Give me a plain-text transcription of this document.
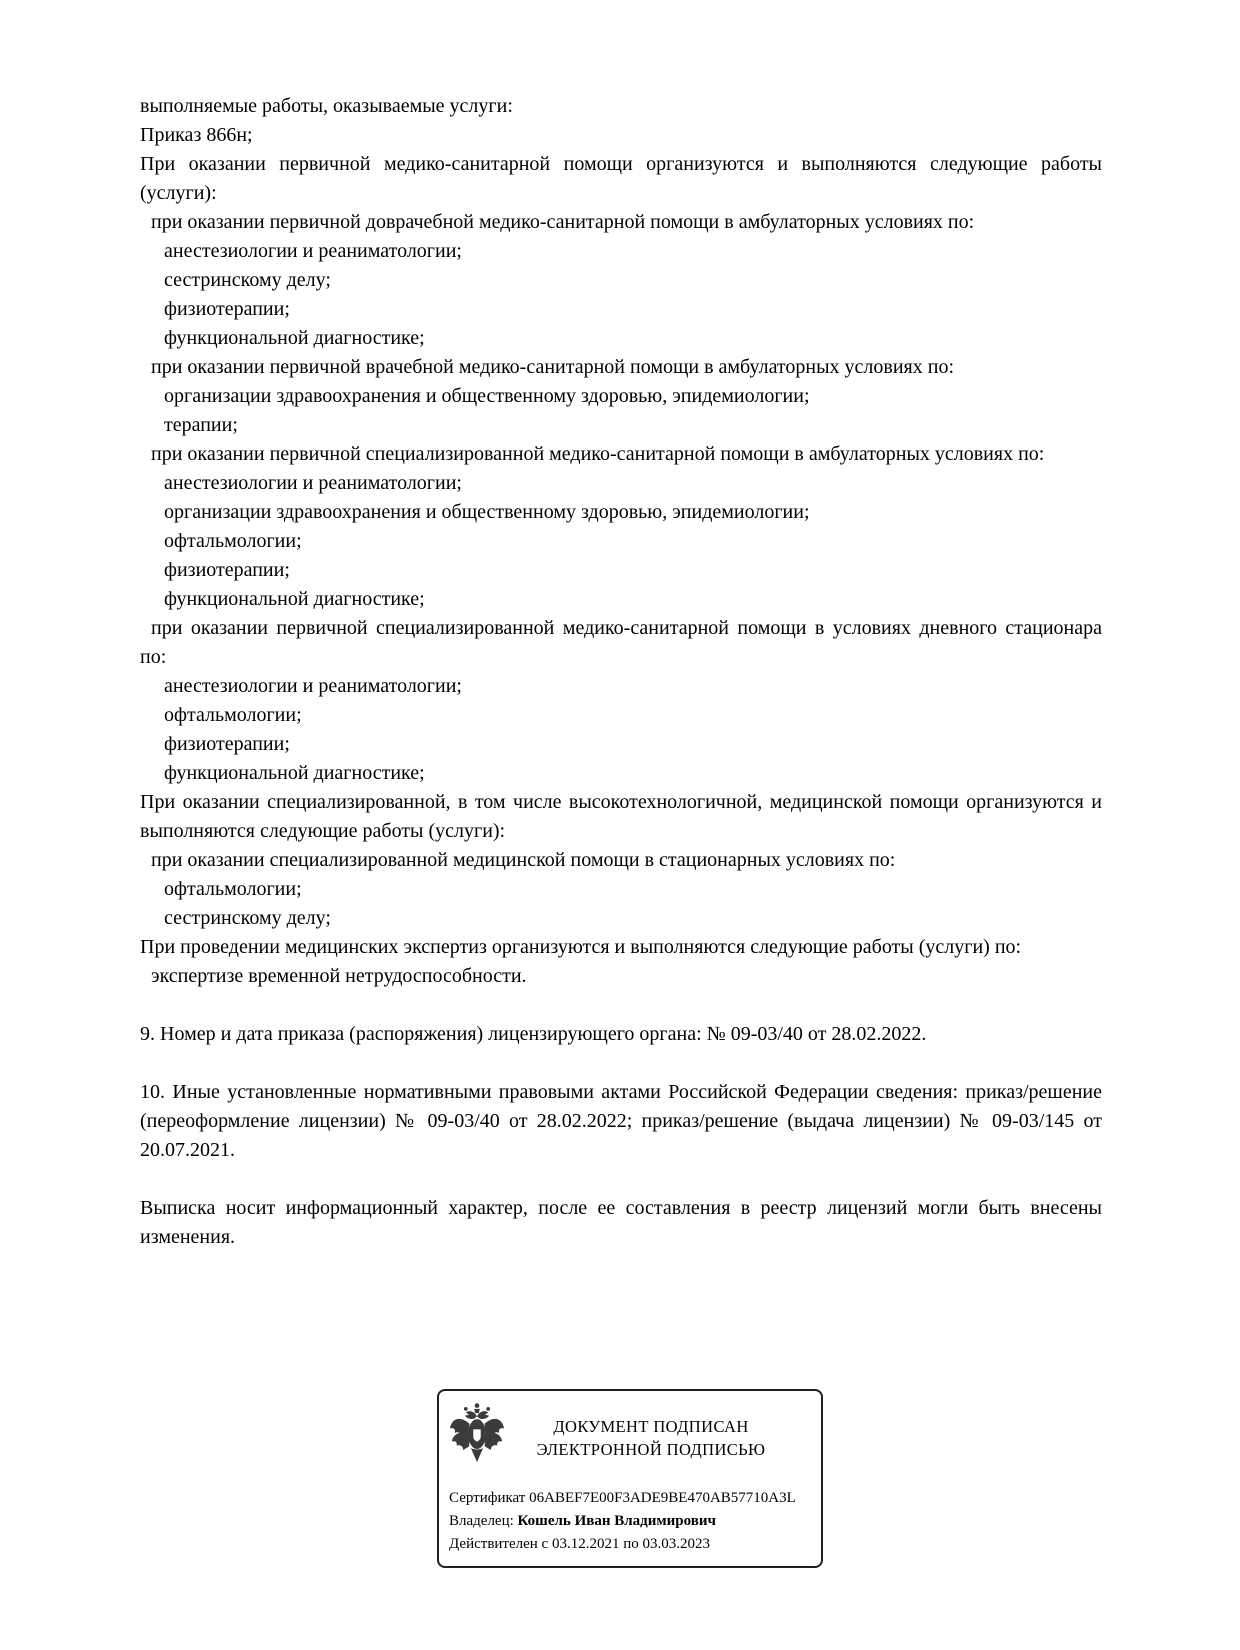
выполняемые работы, оказываемые услуги:

Приказ 866н;

При оказании первичной медико-санитарной помощи организуются и выполняются следующие работы (услуги):

при оказании первичной доврачебной медико-санитарной помощи в амбулаторных условиях по:

анестезиологии и реаниматологии;

сестринскому делу;

физиотерапии;

функциональной диагностике;

при оказании первичной врачебной медико-санитарной помощи в амбулаторных условиях по:

организации здравоохранения и общественному здоровью, эпидемиологии;

терапии;

при оказании первичной специализированной медико-санитарной помощи в амбулаторных условиях по:

анестезиологии и реаниматологии;

организации здравоохранения и общественному здоровью, эпидемиологии;

офтальмологии;

физиотерапии;

функциональной диагностике;

при оказании первичной специализированной медико-санитарной помощи в условиях дневного стационара по:

анестезиологии и реаниматологии;

офтальмологии;

физиотерапии;

функциональной диагностике;

При оказании специализированной, в том числе высокотехнологичной, медицинской помощи организуются и выполняются следующие работы (услуги):

при оказании специализированной медицинской помощи в стационарных условиях по:

офтальмологии;

сестринскому делу;

При проведении медицинских экспертиз организуются и выполняются следующие работы (услуги) по:

экспертизе временной нетрудоспособности.

9. Номер и дата приказа (распоряжения) лицензирующего органа: № 09-03/40 от 28.02.2022.

10. Иные установленные нормативными правовыми актами Российской Федерации сведения: приказ/решение (переоформление лицензии) № 09-03/40 от 28.02.2022; приказ/решение (выдача лицензии) № 09-03/145 от 20.07.2021.

Выписка носит информационный характер, после ее составления в реестр лицензий могли быть внесены изменения.

ДОКУМЕНТ ПОДПИСАН
ЭЛЕКТРОННОЙ ПОДПИСЬЮ

Сертификат 06ABEF7E00F3ADE9BE470AB57710A3L

Владелец: Кошель Иван Владимирович

Действителен с 03.12.2021 по 03.03.2023
